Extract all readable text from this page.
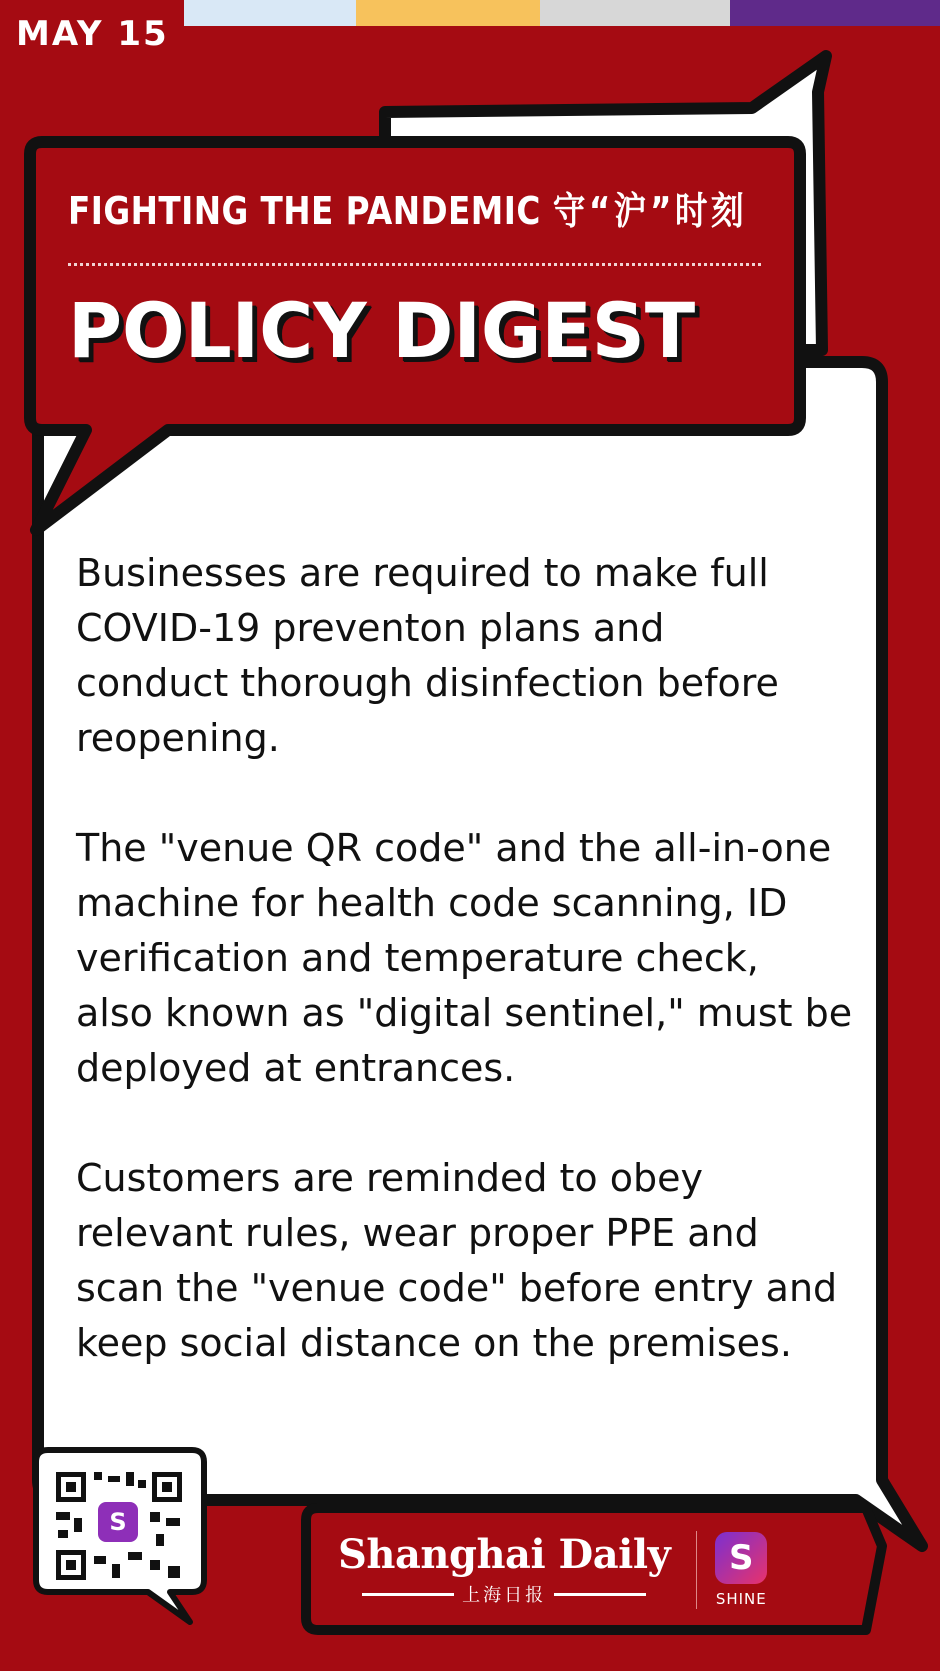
MAY 15
S
FIGHTING THE PANDEMIC 守“沪”时刻
POLICY DIGEST

Businesses are required to make full
COVID-19 preventon plans and
conduct thorough disinfection before
reopening.

The "venue QR code" and the all-in-one
machine for health code scanning, ID
verification and temperature check,
also known as "digital sentinel," must be
deployed at entrances.

Customers are reminded to obey
relevant rules, wear proper PPE and
scan the "venue code" before entry and
keep social distance on the premises.

Shanghai Daily
上海日报
S
SHINE
